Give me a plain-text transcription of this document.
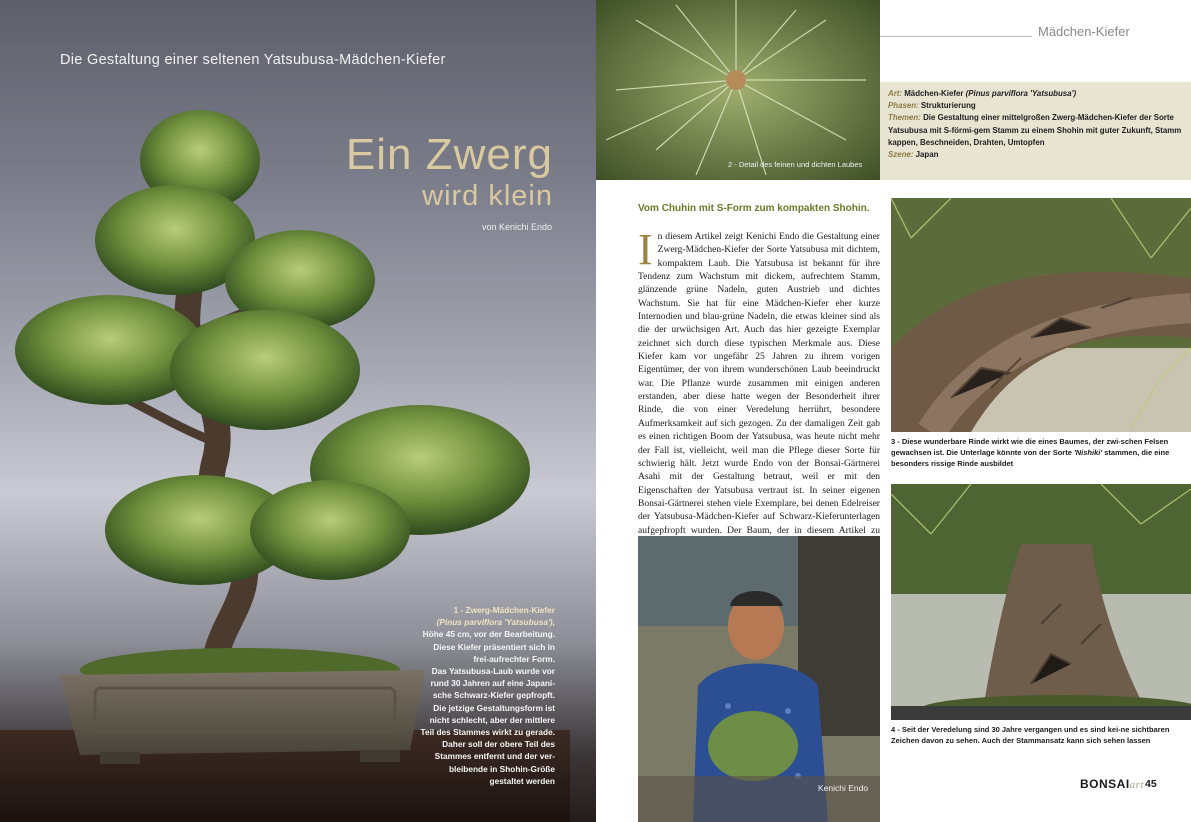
Die Gestaltung einer seltenen Yatsubusa-Mädchen-Kiefer
Ein Zwerg
wird klein
von Kenichi Endo
1 - Zwerg-Mädchen-Kiefer
(Pinus parviflora 'Yatsubusa'),
Höhe 45 cm, vor der Bearbeitung.
Diese Kiefer präsentiert sich in
frei-aufrechter Form.
Das Yatsubusa-Laub wurde vor
rund 30 Jahren auf eine Japani-
sche Schwarz-Kiefer gepfropft.
Die jetzige Gestaltungsform ist
nicht schlecht, aber der mittlere
Teil des Stammes wirkt zu gerade.
Daher soll der obere Teil des
Stammes entfernt und der ver-
bleibende in Shohin-Größe
gestaltet werden
2 - Detail des feinen und dichten Laubes
Mädchen-Kiefer
Art: Mädchen-Kiefer (Pinus parviflora 'Yatsubusa')
Phasen: Strukturierung
Themen: Die Gestaltung einer mittelgroßen Zwerg-Mädchen-Kiefer der Sorte Yatsubusa mit S-förmi-gem Stamm zu einem Shohin mit guter Zukunft, Stamm kappen, Beschneiden, Drahten, Umtopfen
Szene: Japan
Vom Chuhin mit S-Form zum kompakten Shohin.
In diesem Artikel zeigt Kenichi Endo die Gestaltung einer Zwerg-Mädchen-Kiefer der Sorte Yatsubusa mit dichtem, kompaktem Laub. Die Yatsubusa ist bekannt für ihre Tendenz zum Wachstum mit dickem, aufrechtem Stamm, glänzende grüne Nadeln, guten Austrieb und dichtes Wachstum. Sie hat für eine Mädchen-Kiefer eher kurze Internodien und blau-grüne Nadeln, die etwas kleiner sind als die der urwüchsigen Art. Auch das hier gezeigte Exemplar zeichnet sich durch diese typischen Merkmale aus. Diese Kiefer kam vor ungefähr 25 Jahren zu ihrem vorigen Eigentümer, der von ihrem wunderschönen Laub beeindruckt war. Die Pflanze wurde zusammen mit einigen anderen erstanden, aber diese hatte wegen der Besonderheit ihrer Rinde, die von einer Veredelung herrührt, besondere Aufmerksamkeit auf sich gezogen. Zu der damaligen Zeit gab es einen richtigen Boom der Yatsubusa, was heute nicht mehr der Fall ist, vielleicht, weil man die Pflege dieser Sorte für schwierig hält. Jetzt wurde Endo von der Bonsai-Gärtnerei Asahi mit der Gestaltung betraut, weil er mit den Eigenschaften der Yatsubusa vertraut ist. In seiner eigenen Bonsai-Gärtnerei stehen viele Exemplare, bei denen Edelreiser der Yatsubusa-Mädchen-Kiefer auf Schwarz-Kieferunterlagen aufgepfropft wurden. Der Baum, der in diesem Artikel zu
3 - Diese wunderbare Rinde wirkt wie die eines Baumes, der zwi-schen Felsen gewachsen ist. Die Unterlage könnte von der Sorte 'Nishiki' stammen, die eine besonders rissige Rinde ausbildet
4 - Seit der Veredelung sind 30 Jahre vergangen und es sind kei-ne sichtbaren Zeichen davon zu sehen. Auch der Stammansatz kann sich sehen lassen
Kenichi Endo	BONSAIart 45
